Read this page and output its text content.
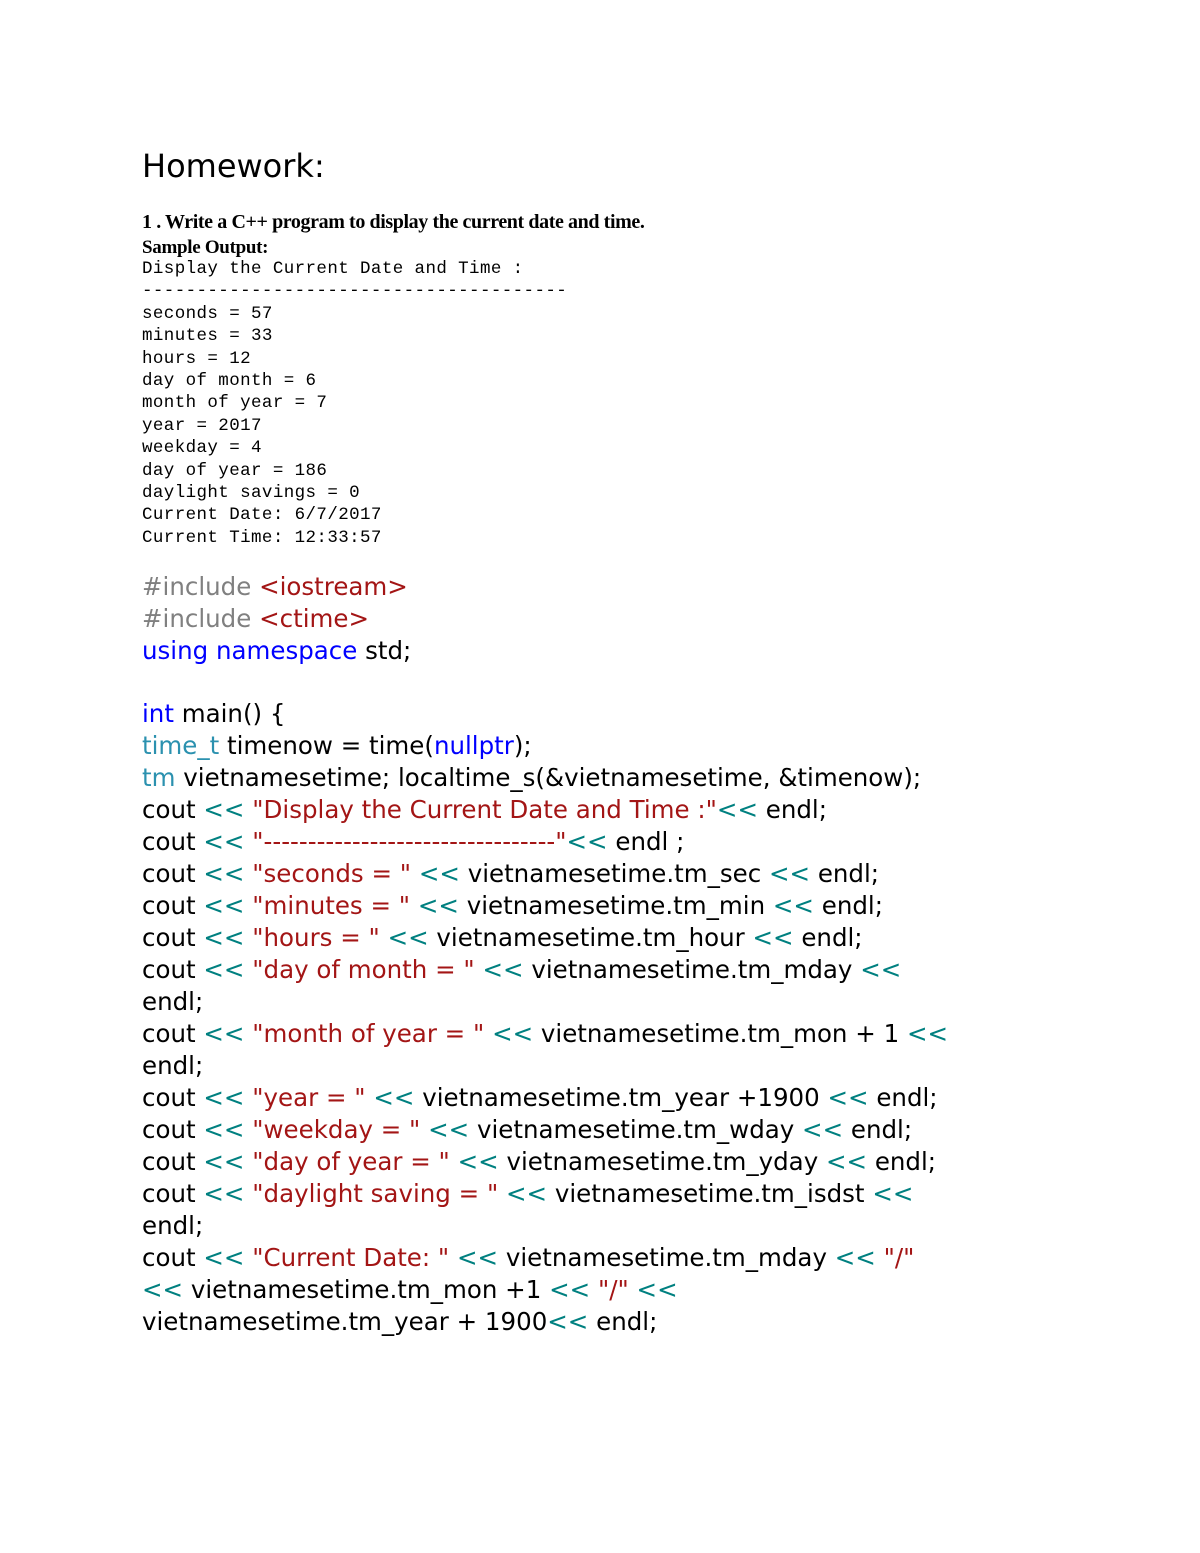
Homework:
1 . Write a C++ program to display the current date and time.
Sample Output:
Display the Current Date and Time :
---------------------------------------
seconds = 57
minutes = 33
hours = 12
day of month = 6
month of year = 7
year = 2017
weekday = 4
day of year = 186
daylight savings = 0
Current Date: 6/7/2017
Current Time: 12:33:57
#include <iostream>
#include <ctime>
using namespace std;
int main() {
time_t timenow = time(nullptr);
tm vietnamesetime; localtime_s(&vietnamesetime, &timenow);
cout << "Display the Current Date and Time :"<< endl;
cout << "---------------------------------"<< endl ;
cout << "seconds = " << vietnamesetime.tm_sec << endl;
cout << "minutes = " << vietnamesetime.tm_min << endl;
cout << "hours = " << vietnamesetime.tm_hour << endl;
cout << "day of month = " << vietnamesetime.tm_mday <<
endl;
cout << "month of year = " << vietnamesetime.tm_mon + 1 <<
endl;
cout << "year = " << vietnamesetime.tm_year +1900 << endl;
cout << "weekday = " << vietnamesetime.tm_wday << endl;
cout << "day of year = " << vietnamesetime.tm_yday << endl;
cout << "daylight saving = " << vietnamesetime.tm_isdst <<
endl;
cout << "Current Date: " << vietnamesetime.tm_mday << "/"
<< vietnamesetime.tm_mon +1 << "/" <<
vietnamesetime.tm_year + 1900<< endl;
